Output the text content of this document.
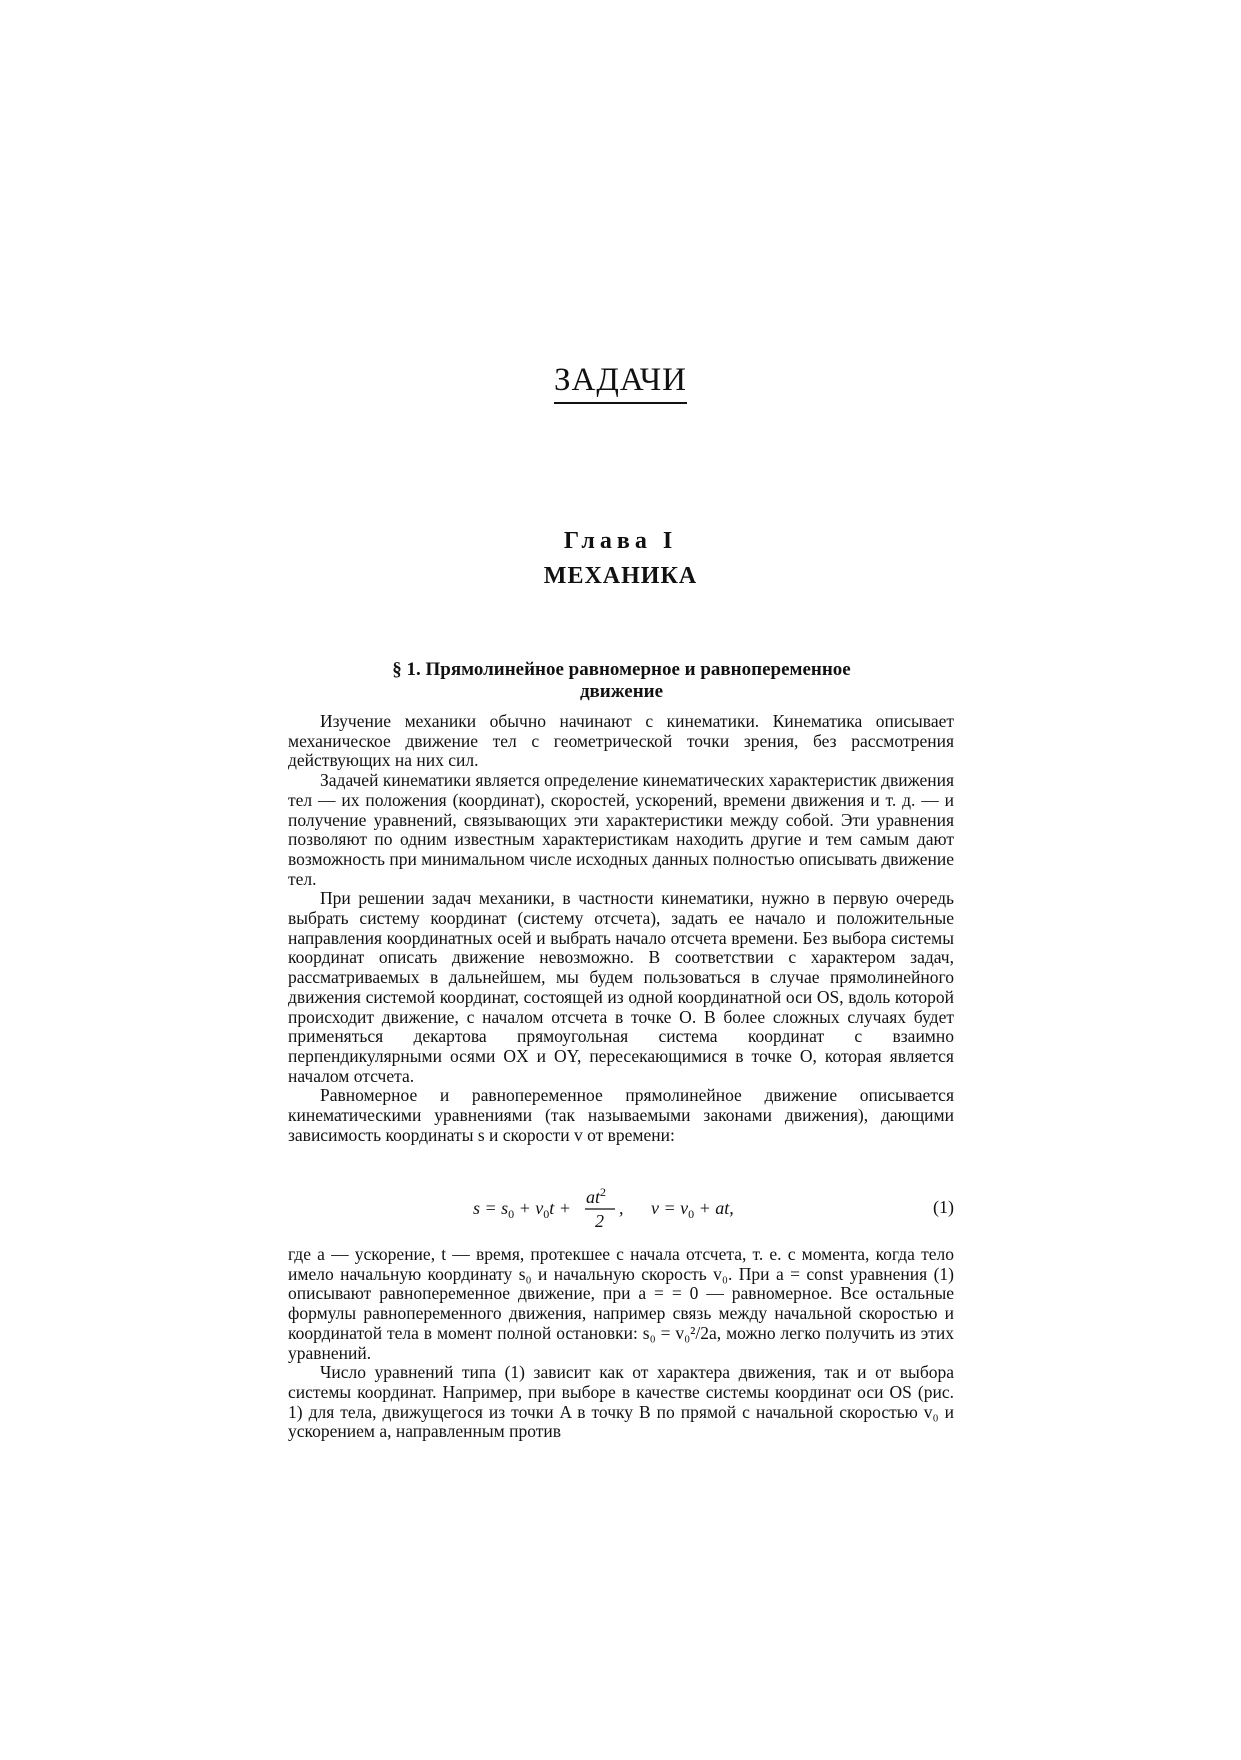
ЗАДАЧИ
Глава I
МЕХАНИКА
§ 1. Прямолинейное равномерное и равнопеременное
движение

Изучение механики обычно начинают с кинематики. Кинематика описывает механическое движение тел с геометрической точки зрения, без рассмотрения действующих на них сил.

Задачей кинематики является определение кинематических характеристик движения тел — их положения (координат), скоростей, ускорений, времени движения и т. д. — и получение уравнений, связывающих эти характеристики между собой. Эти уравнения позволяют по одним известным характеристикам находить другие и тем самым дают возможность при минимальном числе исходных данных полностью описывать движение тел.

При решении задач механики, в частности кинематики, нужно в первую очередь выбрать систему координат (систему отсчета), задать ее начало и положительные направления координатных осей и выбрать начало отсчета времени. Без выбора системы координат описать движение невозможно. В соответствии с характером задач, рассматриваемых в дальнейшем, мы будем пользоваться в случае прямолинейного движения системой координат, состоящей из одной координатной оси OS, вдоль которой происходит движение, с началом отсчета в точке O. В более сложных случаях будет применяться декартова прямоугольная система координат с взаимно перпендикулярными осями OX и OY, пересекающимися в точке O, которая является началом отсчета.

Равномерное и равнопеременное прямолинейное движение описывается кинематическими уравнениями (так называемыми законами движения), дающими зависимость координаты s и скорости v от времени:

$s = s_0 + v_0t$ +
$at^2$
2
, $v = v_0$ + at,	(1)

где a — ускорение, t — время, протекшее с начала отсчета, т. е. с момента, когда тело имело начальную координату s₀ и начальную скорость v₀. При a = const уравнения (1) описывают равнопеременное движение, при a = = 0 — равномерное. Все остальные формулы равнопеременного движения, например связь между начальной скоростью и координатой тела в момент полной остановки: s₀ = v₀²/2a, можно легко получить из этих уравнений.

Число уравнений типа (1) зависит как от характера движения, так и от выбора системы координат. Например, при выборе в качестве системы координат оси OS (рис. 1) для тела, движущегося из точки A в точку B по прямой с начальной скоростью v₀ и ускорением a, направленным против
